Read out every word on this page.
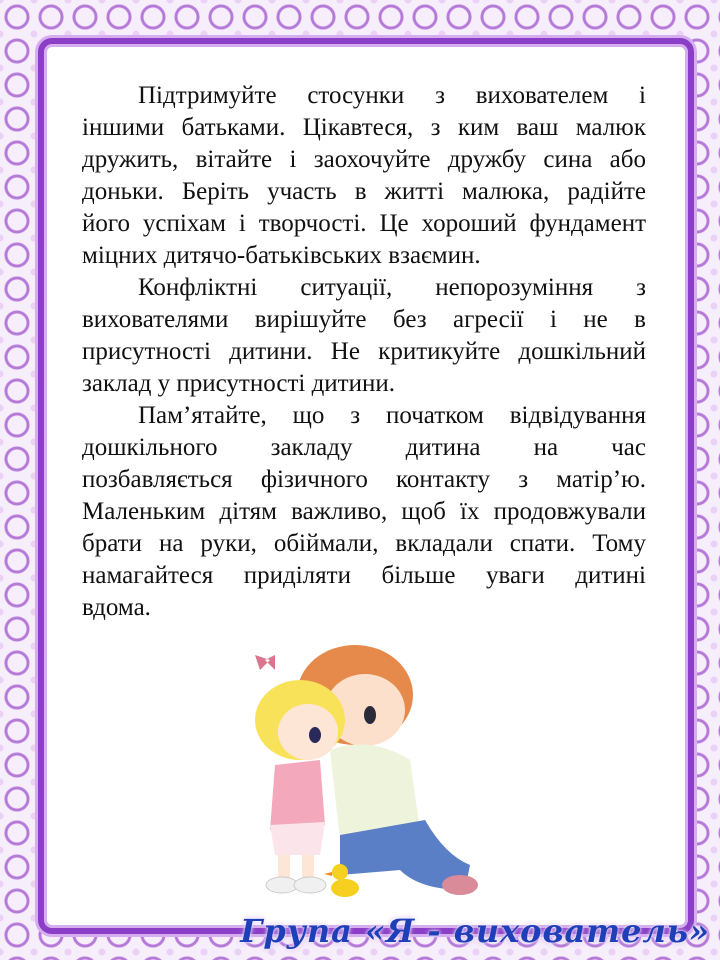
Підтримуйте стосунки з вихователем і
іншими батьками. Цікавтеся, з ким ваш малюк
дружить, вітайте і заохочуйте дружбу сина або
доньки. Беріть участь в житті малюка, радійте
його успіхам і творчості. Це хороший фундамент
міцних дитячо-батьківських взаємин.
Конфліктні ситуації, непорозуміння з
вихователями вирішуйте без агресії і не в
присутності дитини. Не критикуйте дошкільний
заклад у присутності дитини.
Пам’ятайте, що з початком відвідування
дошкільного закладу дитина на час
позбавляється фізичного контакту з матір’ю.
Маленьким дітям важливо, щоб їх продовжували
брати на руки, обіймали, вкладали спати. Тому
намагайтеся приділяти більше уваги дитині
вдома.
Група «Я - вихователь»
